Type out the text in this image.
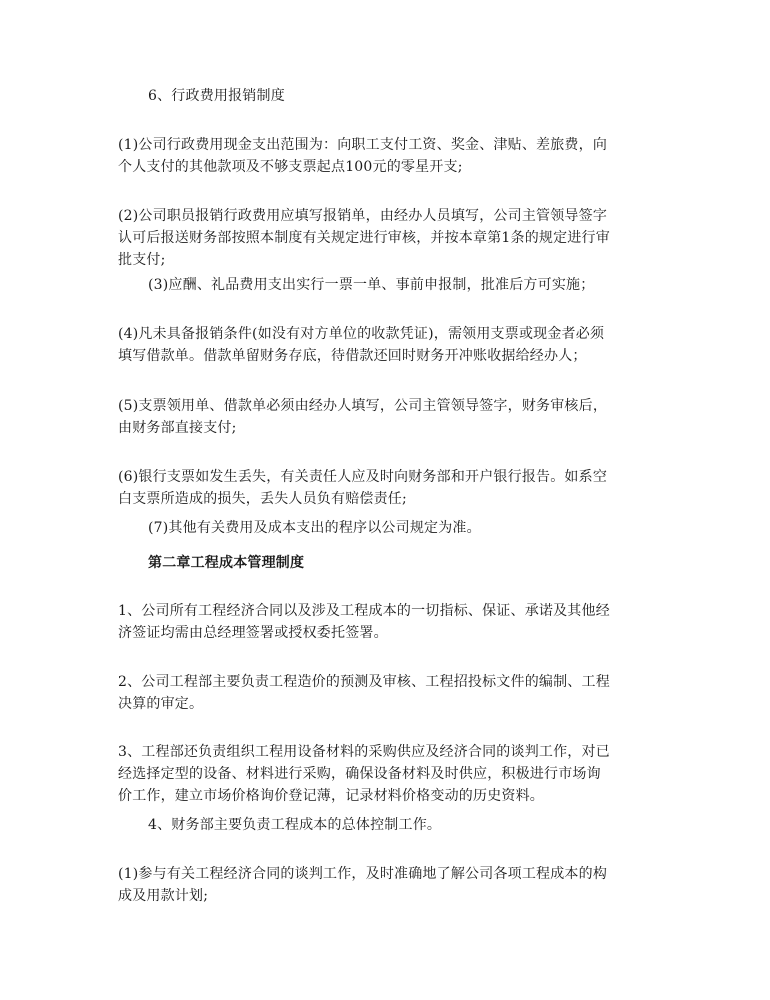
6、行政费用报销制度
(1)公司行政费用现金支出范围为：向职工支付工资、奖金、津贴、差旅费，向
个人支付的其他款项及不够支票起点100元的零星开支;
(2)公司职员报销行政费用应填写报销单，由经办人员填写，公司主管领导签字
认可后报送财务部按照本制度有关规定进行审核，并按本章第1条的规定进行审
批支付;
(3)应酬、礼品费用支出实行一票一单、事前申报制，批准后方可实施；
(4)凡未具备报销条件(如没有对方单位的收款凭证)，需领用支票或现金者必须
填写借款单。借款单留财务存底，待借款还回时财务开冲账收据给经办人；
(5)支票领用单、借款单必须由经办人填写，公司主管领导签字，财务审核后，
由财务部直接支付;
(6)银行支票如发生丢失，有关责任人应及时向财务部和开户银行报告。如系空
白支票所造成的损失，丢失人员负有赔偿责任;
(7)其他有关费用及成本支出的程序以公司规定为准。
第二章工程成本管理制度
1、公司所有工程经济合同以及涉及工程成本的一切指标、保证、承诺及其他经
济签证均需由总经理签署或授权委托签署。
2、公司工程部主要负责工程造价的预测及审核、工程招投标文件的编制、工程
决算的审定。
3、工程部还负责组织工程用设备材料的采购供应及经济合同的谈判工作，对已
经选择定型的设备、材料进行采购，确保设备材料及时供应，积极进行市场询
价工作，建立市场价格询价登记薄，记录材料价格变动的历史资料。
4、财务部主要负责工程成本的总体控制工作。
(1)参与有关工程经济合同的谈判工作，及时准确地了解公司各项工程成本的构
成及用款计划;
